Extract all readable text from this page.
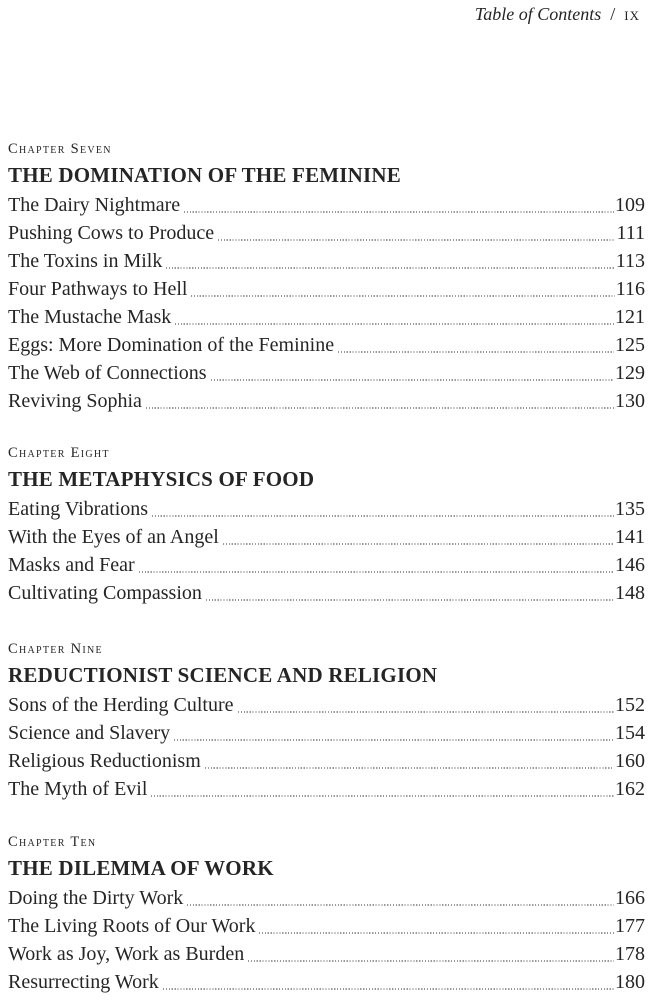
Table of Contents / ix
Chapter Seven
THE DOMINATION OF THE FEMININE
The Dairy Nightmare	109
Pushing Cows to Produce	111
The Toxins in Milk	113
Four Pathways to Hell	116
The Mustache Mask	121
Eggs: More Domination of the Feminine	125
The Web of Connections	129
Reviving Sophia	130
Chapter Eight
THE METAPHYSICS OF FOOD
Eating Vibrations	135
With the Eyes of an Angel	141
Masks and Fear	146
Cultivating Compassion	148
Chapter Nine
REDUCTIONIST SCIENCE AND RELIGION
Sons of the Herding Culture	152
Science and Slavery	154
Religious Reductionism	160
The Myth of Evil	162
Chapter Ten
THE DILEMMA OF WORK
Doing the Dirty Work	166
The Living Roots of Our Work	177
Work as Joy, Work as Burden	178
Resurrecting Work	180
